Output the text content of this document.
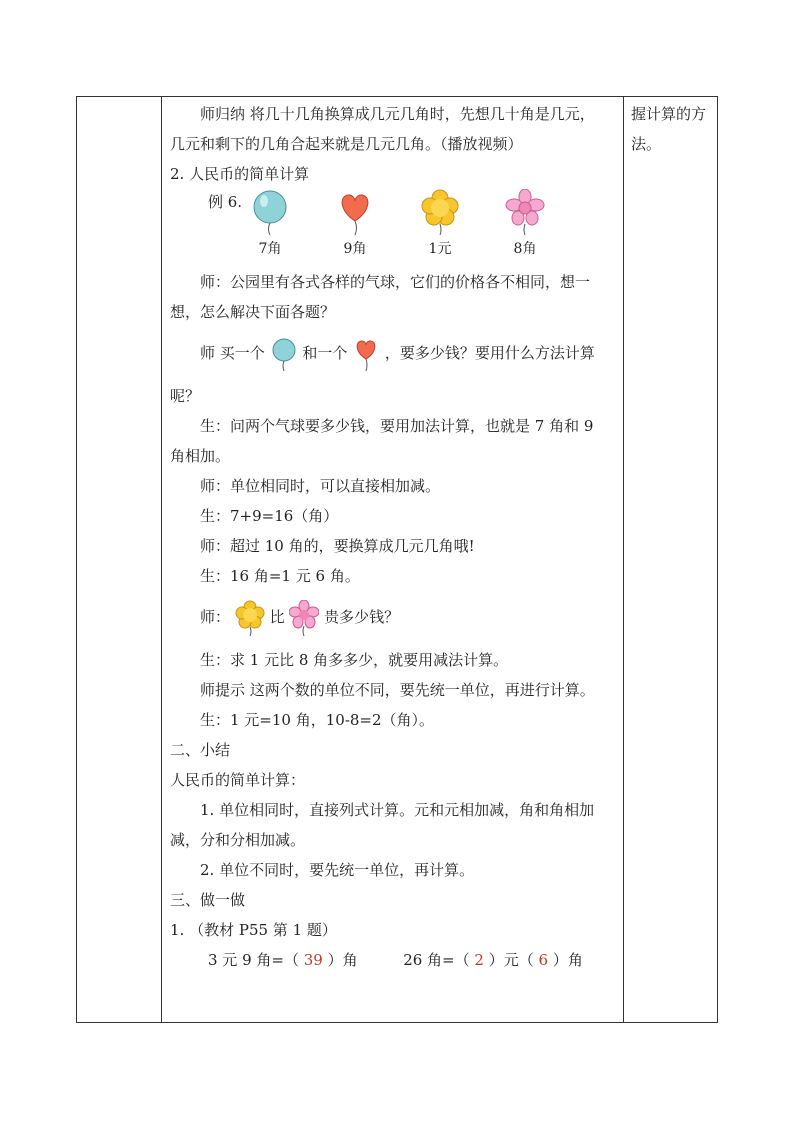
握计算的方

法。

师归纳 将几十几角换算成几元几角时，先想几十角是几元，

几元和剩下的几角合起来就是几元几角。（播放视频）

2. 人民币的简单计算

例 6.
7角	9角	1元	8角

师：公园里有各式各样的气球，它们的价格各不相同，想一

想，怎么解决下面各题？

师 买一个	和一个	，要多少钱？要用什么方法计算

呢？

生：问两个气球要多少钱，要用加法计算，也就是 7 角和 9

角相加。

师：单位相同时，可以直接相加减。

生：7+9=16（角）

师：超过 10 角的，要换算成几元几角哦!

生：16 角=1 元 6 角。

师：	比	贵多少钱？

生：求 1 元比 8 角多多少，就要用减法计算。

师提示 这两个数的单位不同，要先统一单位，再进行计算。

生：1 元=10 角，10-8=2（角）。

二、小结

人民币的简单计算：

1. 单位相同时，直接列式计算。元和元相加减，角和角相加

减，分和分相加减。

2. 单位不同时，要先统一单位，再计算。

三、做一做

1. （教材 P55 第 1 题）

3 元 9 角=（ 39 ）角	26 角=（ 2 ）元（ 6 ）角
